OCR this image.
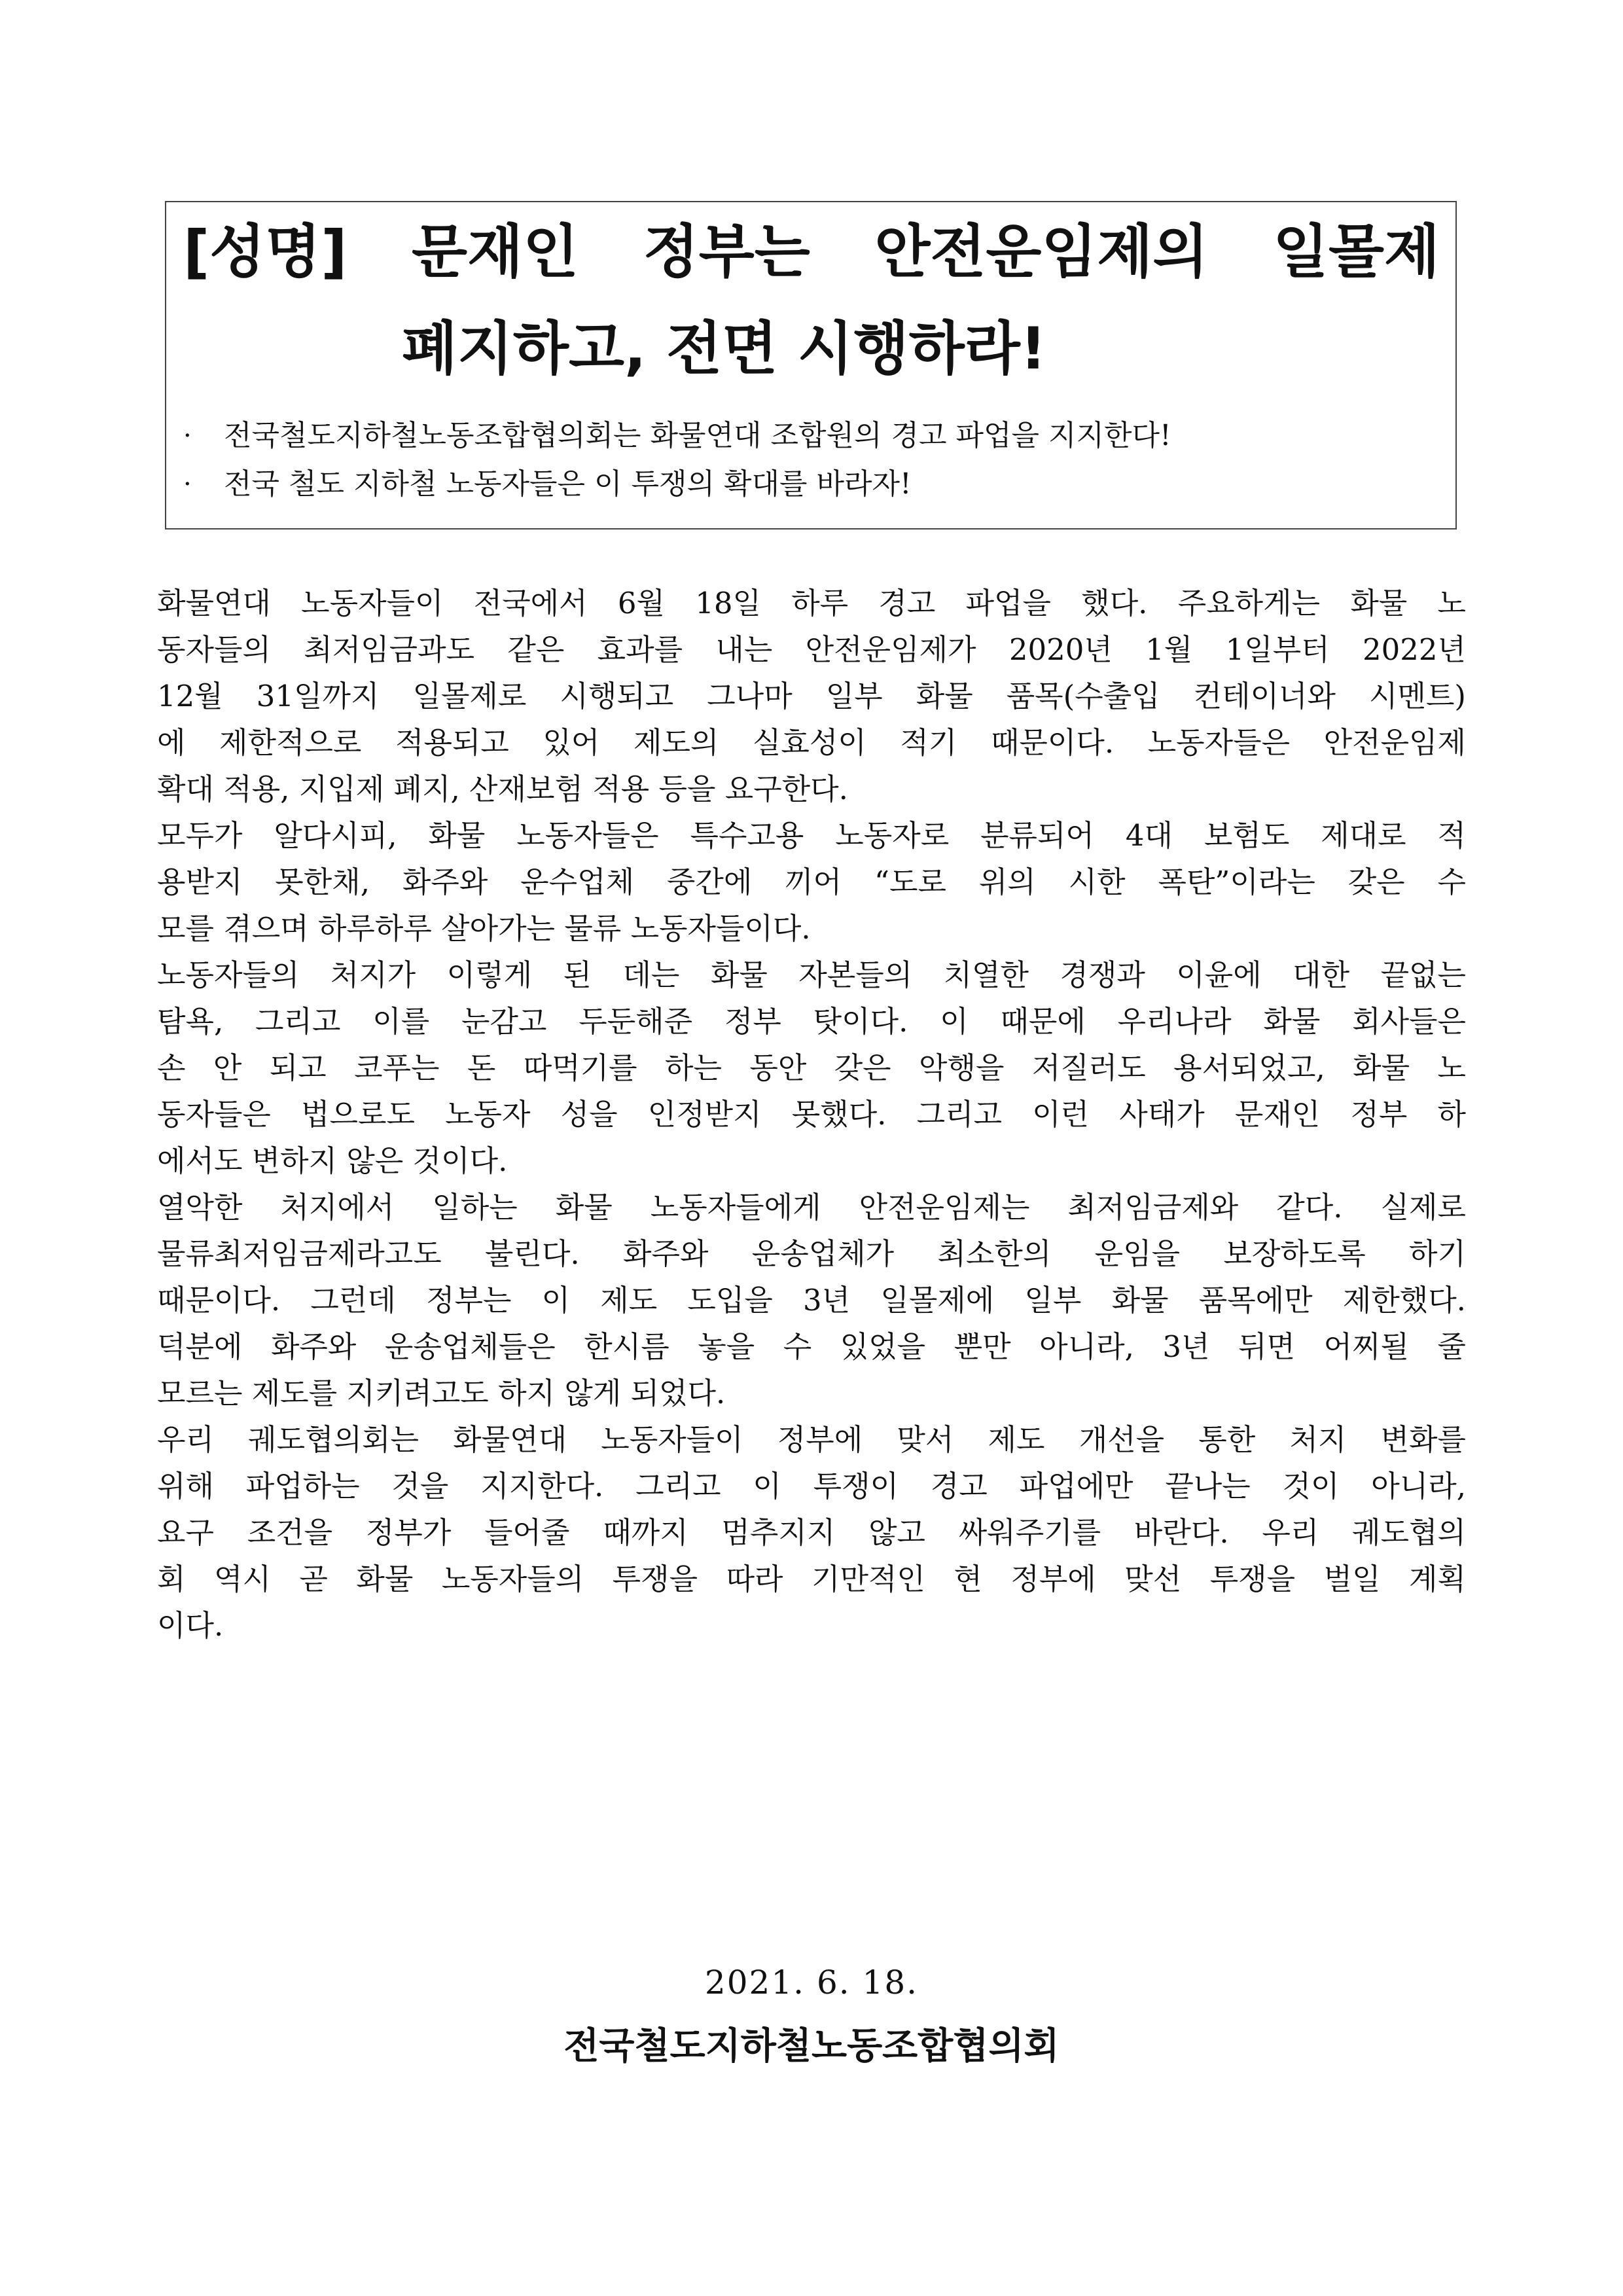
[성명] 문재인 정부는 안전운임제의 일몰제
폐지하고, 전면 시행하라!
·	전국철도지하철노동조합협의회는 화물연대 조합원의 경고 파업을 지지한다!
·	전국 철도 지하철 노동자들은 이 투쟁의 확대를 바라자!
화물연대 노동자들이 전국에서 6월 18일 하루 경고 파업을 했다. 주요하게는 화물 노
동자들의 최저임금과도 같은 효과를 내는 안전운임제가 2020년 1월 1일부터 2022년
12월 31일까지 일몰제로 시행되고 그나마 일부 화물 품목(수출입 컨테이너와 시멘트)
에 제한적으로 적용되고 있어 제도의 실효성이 적기 때문이다. 노동자들은 안전운임제
확대 적용, 지입제 폐지, 산재보험 적용 등을 요구한다.
모두가 알다시피, 화물 노동자들은 특수고용 노동자로 분류되어 4대 보험도 제대로 적
용받지 못한채, 화주와 운수업체 중간에 끼어 “도로 위의 시한 폭탄”이라는 갖은 수
모를 겪으며 하루하루 살아가는 물류 노동자들이다.
노동자들의 처지가 이렇게 된 데는 화물 자본들의 치열한 경쟁과 이윤에 대한 끝없는
탐욕, 그리고 이를 눈감고 두둔해준 정부 탓이다. 이 때문에 우리나라 화물 회사들은
손 안 되고 코푸는 돈 따먹기를 하는 동안 갖은 악행을 저질러도 용서되었고, 화물 노
동자들은 법으로도 노동자 성을 인정받지 못했다. 그리고 이런 사태가 문재인 정부 하
에서도 변하지 않은 것이다.
열악한 처지에서 일하는 화물 노동자들에게 안전운임제는 최저임금제와 같다. 실제로
물류최저임금제라고도 불린다. 화주와 운송업체가 최소한의 운임을 보장하도록 하기
때문이다. 그런데 정부는 이 제도 도입을 3년 일몰제에 일부 화물 품목에만 제한했다.
덕분에 화주와 운송업체들은 한시름 놓을 수 있었을 뿐만 아니라, 3년 뒤면 어찌될 줄
모르는 제도를 지키려고도 하지 않게 되었다.
우리 궤도협의회는 화물연대 노동자들이 정부에 맞서 제도 개선을 통한 처지 변화를
위해 파업하는 것을 지지한다. 그리고 이 투쟁이 경고 파업에만 끝나는 것이 아니라,
요구 조건을 정부가 들어줄 때까지 멈추지지 않고 싸워주기를 바란다. 우리 궤도협의
회 역시 곧 화물 노동자들의 투쟁을 따라 기만적인 현 정부에 맞선 투쟁을 벌일 계획
이다.
2021. 6. 18.
전국철도지하철노동조합협의회
